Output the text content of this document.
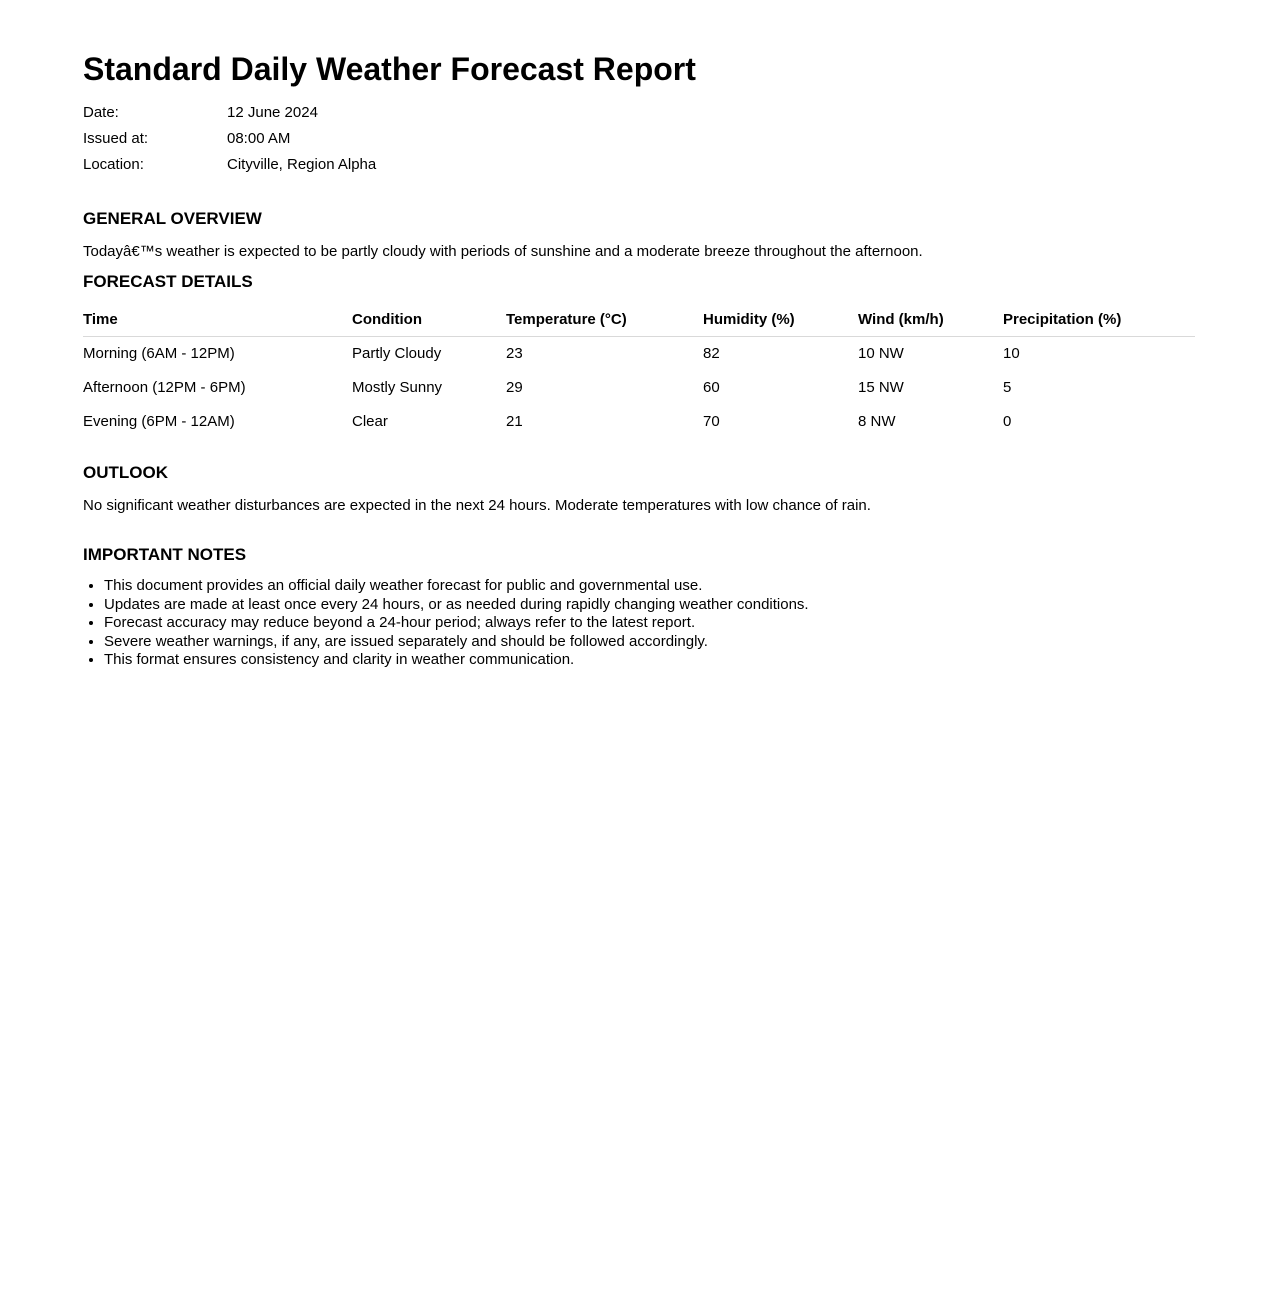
Standard Daily Weather Forecast Report
Date:	12 June 2024
Issued at:	08:00 AM
Location:	Cityville, Region Alpha
GENERAL OVERVIEW

Todayâ€™s weather is expected to be partly cloudy with periods of sunshine and a moderate breeze throughout the afternoon.

FORECAST DETAILS
Time	Condition	Temperature (°C)	Humidity (%)	Wind (km/h)	Precipitation (%)
Morning (6AM - 12PM)	Partly Cloudy	23	82	10 NW	10
Afternoon (12PM - 6PM)	Mostly Sunny	29	60	15 NW	5
Evening (6PM - 12AM)	Clear	21	70	8 NW	0
OUTLOOK

No significant weather disturbances are expected in the next 24 hours. Moderate temperatures with low chance of rain.

IMPORTANT NOTES
• This document provides an official daily weather forecast for public and governmental use.
• Updates are made at least once every 24 hours, or as needed during rapidly changing weather conditions.
• Forecast accuracy may reduce beyond a 24-hour period; always refer to the latest report.
• Severe weather warnings, if any, are issued separately and should be followed accordingly.
• This format ensures consistency and clarity in weather communication.
